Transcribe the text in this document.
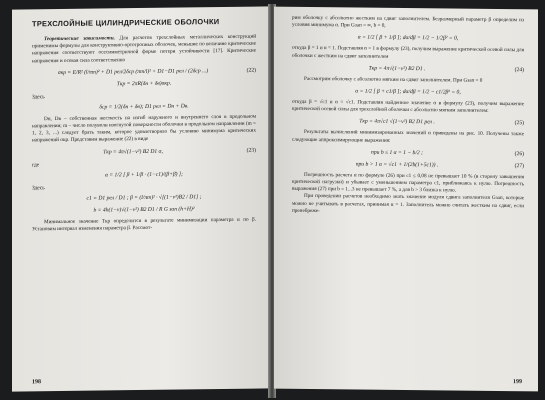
ТРЕХСЛОЙНЫЕ ЦИЛИНДРИЧЕСКИЕ ОБОЛОЧКИ

Теоретические зависимости. Для расчетов трехслойных металлических конструкций применимы формулы для конструктивно-ортотропных оболочек, меньшие по величине критические напряжения соответствуют осесимметричной форме потери устойчивости [17]. Критические напряжения и осевая сила соответственно

σкр = E/R² (l/πm)² + D1 рел/2δср (πm/l)² + D1−D1 рел / (2δср ...)	(22)
Tкр = 2πR(δн + δв)σкр.
Здесь
δср = 1/2(δн + δв); D1 рел = Dн + Dв.

Dн, Dв – собственная жесткость на изгиб наружного и внутреннего слоя в продольном направлении; m – число полуволн изогнутой поверхности оболочки в продольном направлении (m = 1, 2, 3, ...) следует брать таким, которое удовлетворяло бы условию минимума критических напряжений σкр. Представим выражение (22) в виде

Tкр = 4π√(1−ν²) B2 D1 α,	(23)
где
α = 1/2 [ β + 1/β · (1−c1)/(β+β̄) ];
Здесь
c1 = D1 рел / D1 ; β = (l/πm)² · √[(1−ν²)B2 / D1] ;
b = 4h(1−ν)√(1−ν²) B2 D1 / R G зап (h+H)²

Минимальное значение Tкр определится в результате минимизации параметра α по β. Установим интервал изменения параметра β. Рассмот-

198

рим оболочку с абсолютно жестким на сдвиг заполнителем. Безразмерный параметр β определим из условия минимума α. При Gзап = ∞, b = 0,

α = 1/2 [ β + 1/β ]; dα/dβ = 1/2 − 1/2β² = 0,

откуда β = 1 и α = 1. Подставляя α = 1 в формулу (23), получим выражение критической осевой силы для оболочки с жестким на сдвиг заполнителем

Tкр = 4π√(1−ν²) B2 D1 .	(24)

Рассмотрим оболочку с абсолютно мягким на сдвиг заполнителем. При Gзап = 0

α = 1/2 [ β + c1/β ]; dα/dβ = 1/2 − c1/2β² = 0,

откуда β = √c1 и α = √c1. Подставляя найденное значение α в формулу (23), получим выражение критической осевой силы для трехслойной оболочки с абсолютно мягким заполнителем:

Tкр = 4π√c1 √(1−ν²) B2 D1 рел .	(25)

Результаты вычислений минимизированных значений α приведены на рис. 10. Получены также следующие аппроксимирующие выражения:

при b ≤ 1 α = 1 − b/2 ;	(26)
при b > 1 α = √c1 + 1/(2b(1+5c1)) .	(27)

Погрешность расчета α по формуле (26) при c1 ≤ 0,08 не превышает 10 % (в сторону завышения критической нагрузки) и убывает с уменьшением параметра c1, приближаясь к нулю. Погрешность выражения (27) при b = 1...3 не превышает 7 %, а для b > 3 близка к нулю.

При проведении расчетов необходимо знать значение модуля сдвига заполнителя Gзап, которые можно не учитывать в расчетах, принимая α = 1. Заполнитель можно считать жестким на сдвиг, если пренебреже-

199
